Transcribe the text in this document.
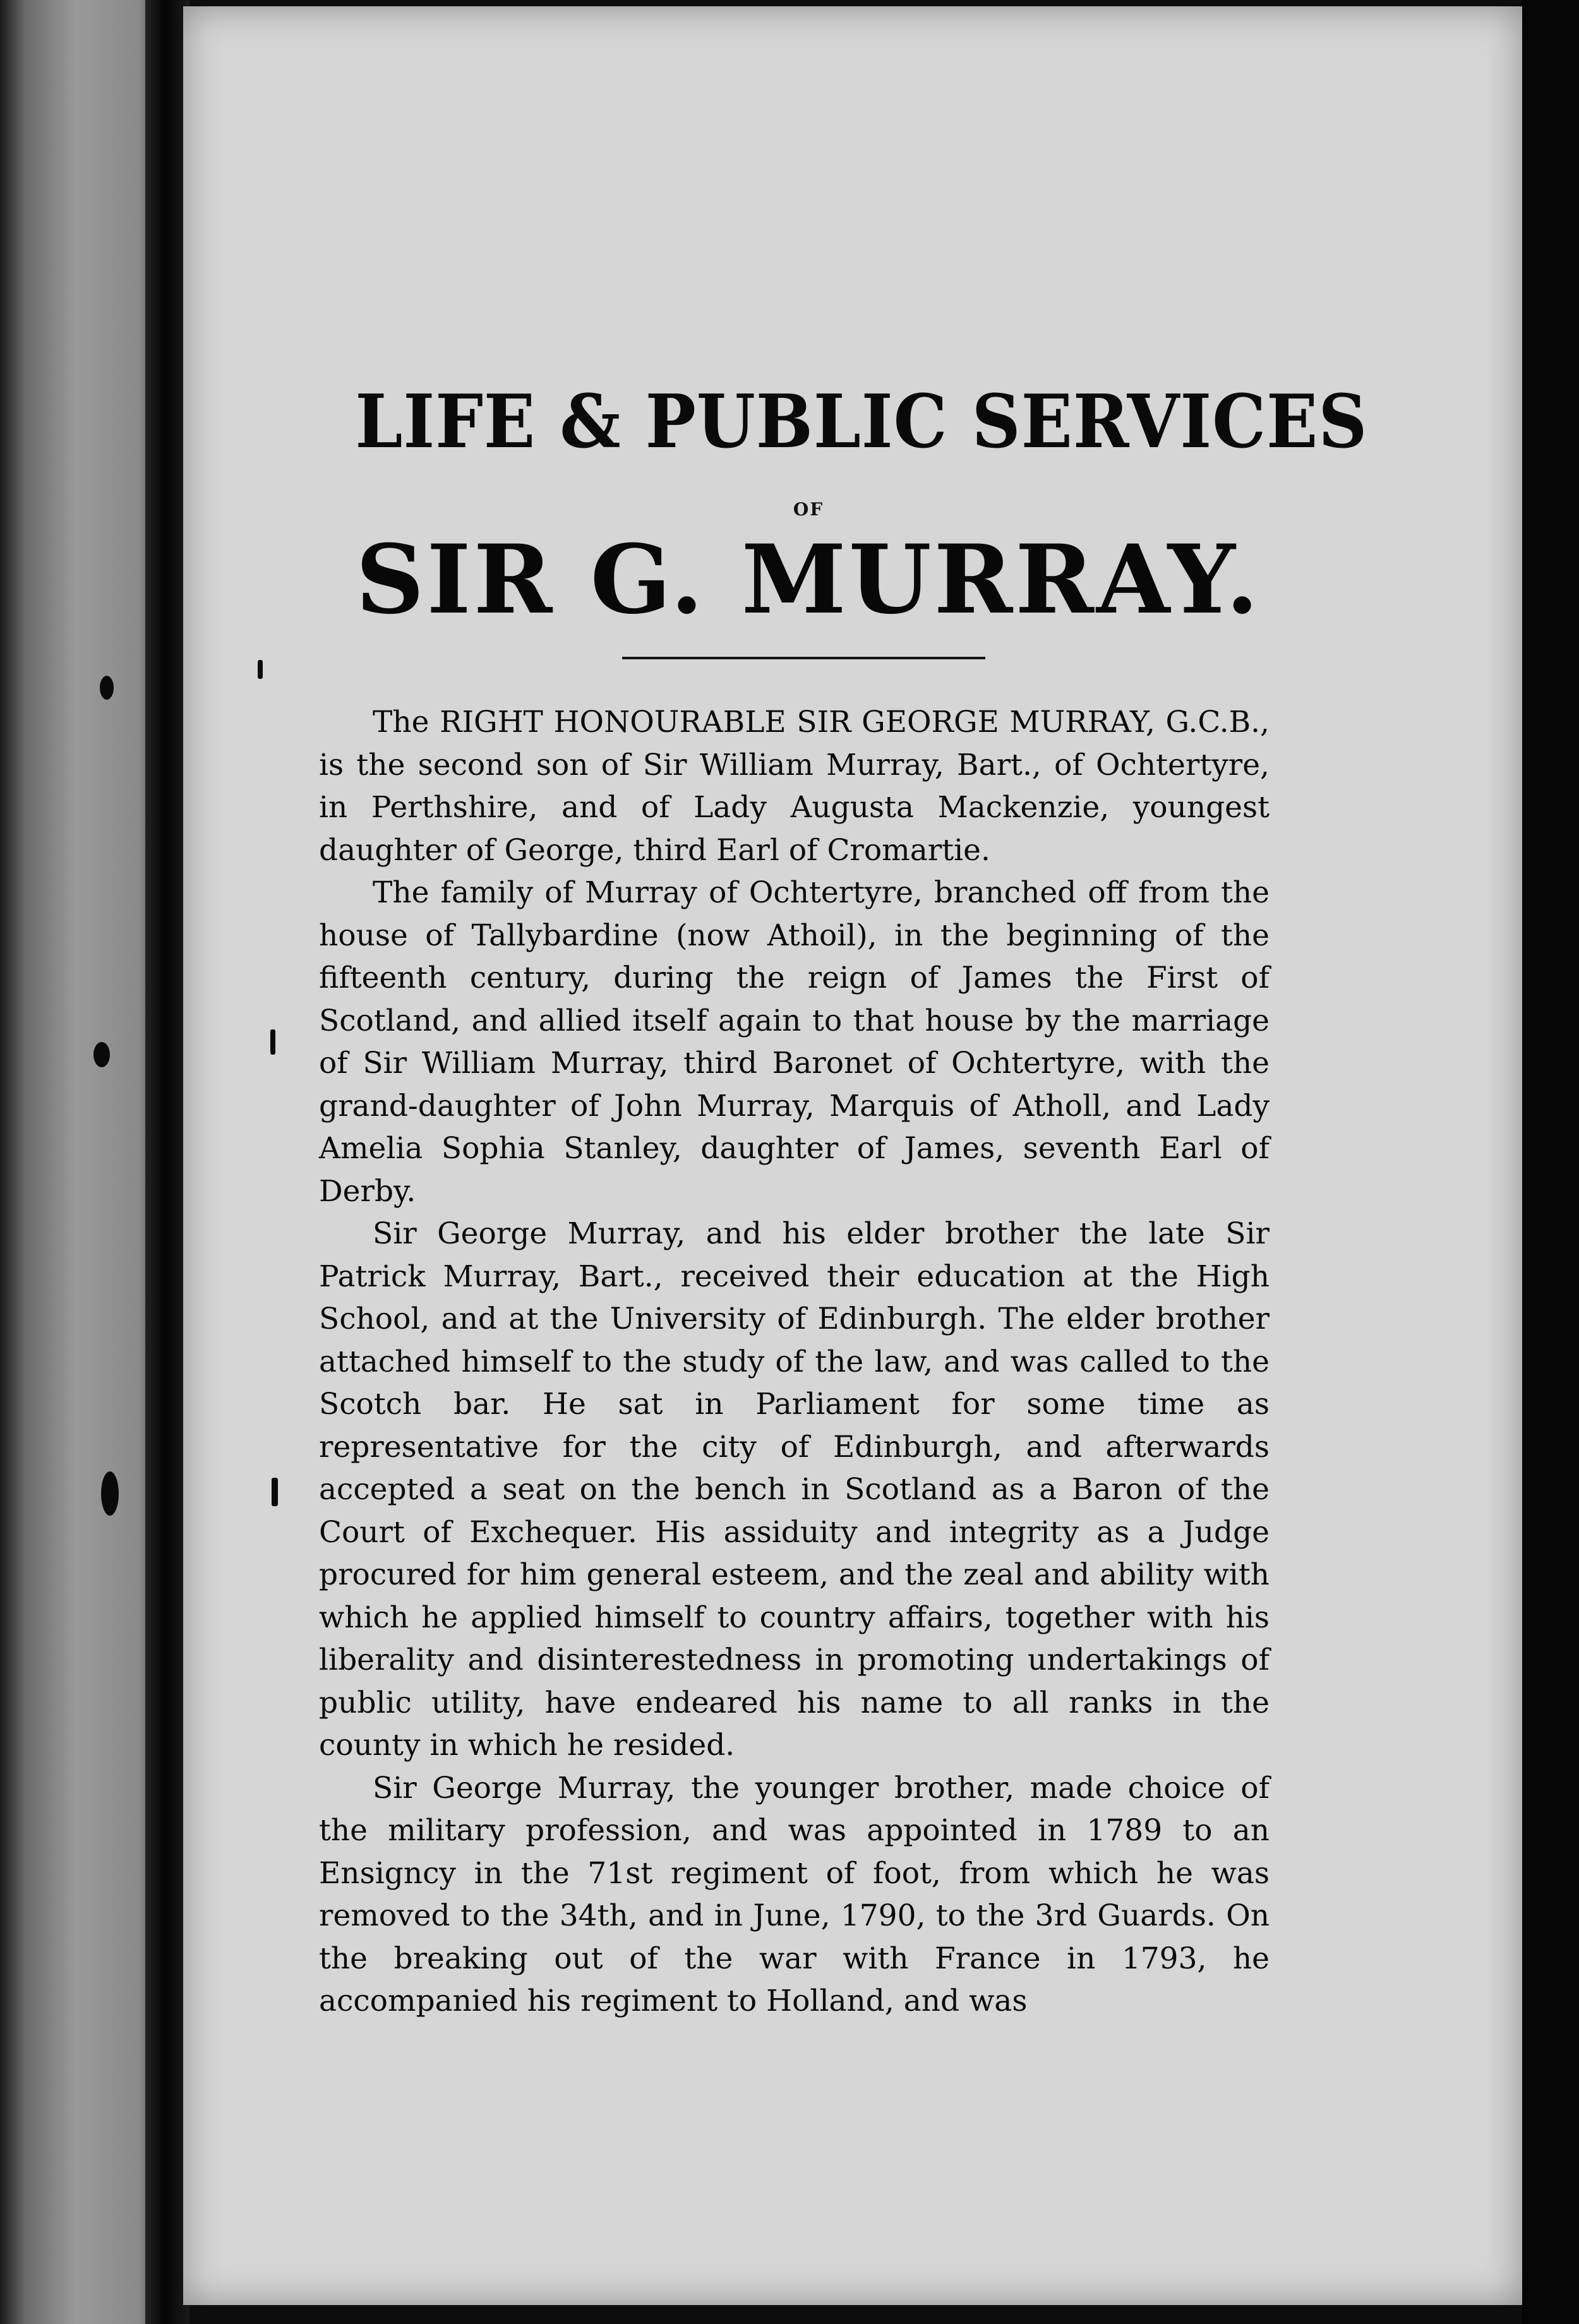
LIFE & PUBLIC SERVICES
OF
SIR G. MURRAY.

The RIGHT HONOURABLE SIR GEORGE MURRAY, G.C.B., is the second son of Sir William Murray, Bart., of Ochtertyre, in Perthshire, and of Lady Augusta Mackenzie, youngest daughter of George, third Earl of Cromartie.

The family of Murray of Ochtertyre, branched off from the house of Tallybardine (now Athoil), in the beginning of the fifteenth century, during the reign of James the First of Scotland, and allied itself again to that house by the marriage of Sir William Murray, third Baronet of Ochtertyre, with the grand-daughter of John Murray, Marquis of Atholl, and Lady Amelia Sophia Stanley, daughter of James, seventh Earl of Derby.

Sir George Murray, and his elder brother the late Sir Patrick Murray, Bart., received their education at the High School, and at the University of Edinburgh. The elder brother attached himself to the study of the law, and was called to the Scotch bar. He sat in Parliament for some time as representative for the city of Edinburgh, and afterwards accepted a seat on the bench in Scotland as a Baron of the Court of Exchequer. His assiduity and integrity as a Judge procured for him general esteem, and the zeal and ability with which he applied himself to country affairs, together with his liberality and disinterestedness in promoting undertakings of public utility, have endeared his name to all ranks in the county in which he resided.

Sir George Murray, the younger brother, made choice of the military profession, and was appointed in 1789 to an Ensigncy in the 71st regiment of foot, from which he was removed to the 34th, and in June, 1790, to the 3rd Guards. On the breaking out of the war with France in 1793, he accompanied his regiment to Holland, and was
